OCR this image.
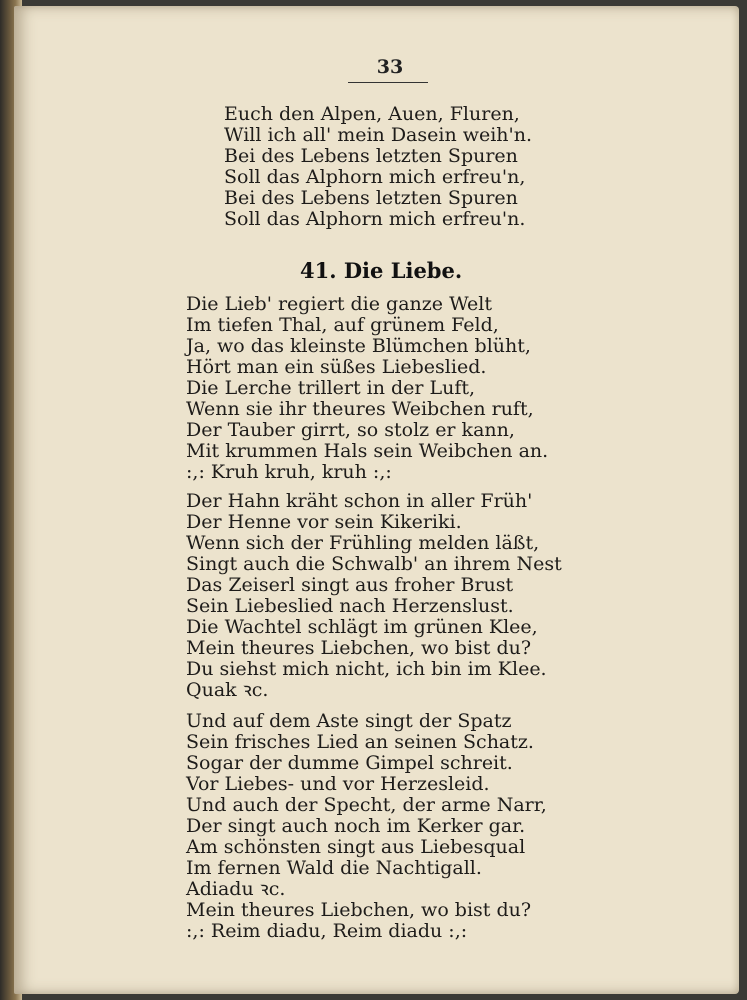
33
Euch den Alpen, Auen, Fluren,
Will ich all' mein Dasein weih'n.
Bei des Lebens letzten Spuren
Soll das Alphorn mich erfreu'n,
Bei des Lebens letzten Spuren
Soll das Alphorn mich erfreu'n.
41. Die Liebe.
Die Lieb' regiert die ganze Welt
Im tiefen Thal, auf grünem Feld,
Ja, wo das kleinste Blümchen blüht,
Hört man ein süßes Liebeslied.
Die Lerche trillert in der Luft,
Wenn sie ihr theures Weibchen ruft,
Der Tauber girrt, so stolz er kann,
Mit krummen Hals sein Weibchen an.
:,: Kruh kruh, kruh :,:
Der Hahn kräht schon in aller Früh'
Der Henne vor sein Kikeriki.
Wenn sich der Frühling melden läßt,
Singt auch die Schwalb' an ihrem Nest
Das Zeiserl singt aus froher Brust
Sein Liebeslied nach Herzenslust.
Die Wachtel schlägt im grünen Klee,
Mein theures Liebchen, wo bist du?
Du siehst mich nicht, ich bin im Klee.
Quak ꝛc.
Und auf dem Aste singt der Spatz
Sein frisches Lied an seinen Schatz.
Sogar der dumme Gimpel schreit.
Vor Liebes- und vor Herzesleid.
Und auch der Specht, der arme Narr,
Der singt auch noch im Kerker gar.
Am schönsten singt aus Liebesqual
Im fernen Wald die Nachtigall.
Adiadu ꝛc.
Mein theures Liebchen, wo bist du?
:,: Reim diadu, Reim diadu :,:
